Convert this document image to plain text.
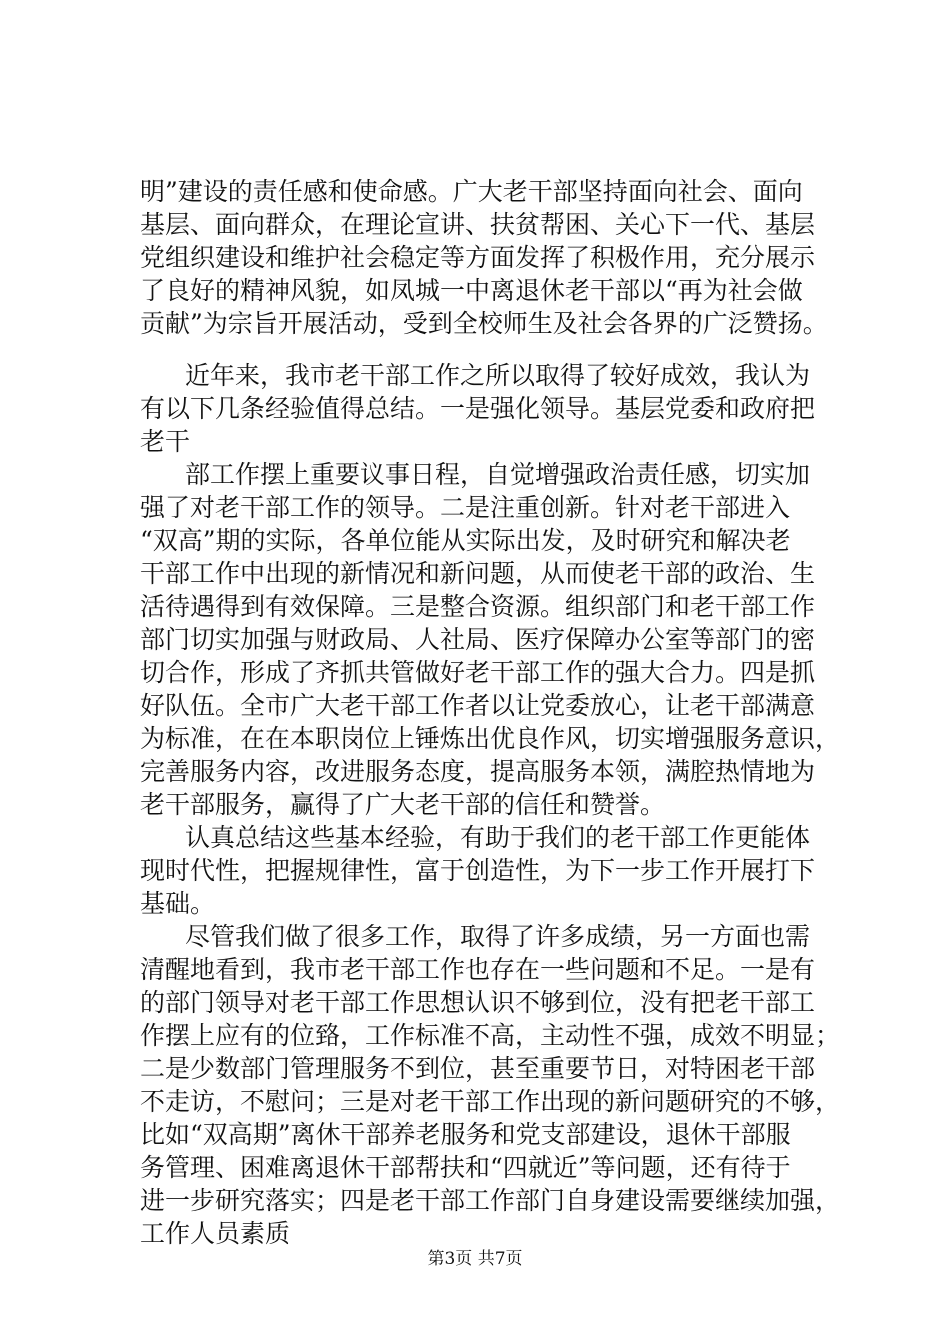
明”建设的责任感和使命感。广大老干部坚持面向社会、面向
基层、面向群众，在理论宣讲、扶贫帮困、关心下一代、基层
党组织建设和维护社会稳定等方面发挥了积极作用，充分展示
了良好的精神风貌，如凤城一中离退休老干部以“再为社会做
贡献”为宗旨开展活动，受到全校师生及社会各界的广泛赞扬。
近年来，我市老干部工作之所以取得了较好成效，我认为
有以下几条经验值得总结。一是强化领导。基层党委和政府把
老干
部工作摆上重要议事日程，自觉增强政治责任感，切实加
强了对老干部工作的领导。二是注重创新。针对老干部进入
“双高”期的实际，各单位能从实际出发，及时研究和解决老
干部工作中出现的新情况和新问题，从而使老干部的政治、生
活待遇得到有效保障。三是整合资源。组织部门和老干部工作
部门切实加强与财政局、人社局、医疗保障办公室等部门的密
切合作，形成了齐抓共管做好老干部工作的强大合力。四是抓
好队伍。全市广大老干部工作者以让党委放心，让老干部满意
为标准，在在本职岗位上锤炼出优良作风，切实增强服务意识，
完善服务内容，改进服务态度，提高服务本领，满腔热情地为
老干部服务，赢得了广大老干部的信任和赞誉。
认真总结这些基本经验，有助于我们的老干部工作更能体
现时代性，把握规律性，富于创造性，为下一步工作开展打下
基础。
尽管我们做了很多工作，取得了许多成绩，另一方面也需
清醒地看到，我市老干部工作也存在一些问题和不足。一是有
的部门领导对老干部工作思想认识不够到位，没有把老干部工
作摆上应有的位臵，工作标准不高，主动性不强，成效不明显；
二是少数部门管理服务不到位，甚至重要节日，对特困老干部
不走访，不慰问；三是对老干部工作出现的新问题研究的不够，
比如“双高期”离休干部养老服务和党支部建设，退休干部服
务管理、困难离退休干部帮扶和“四就近”等问题，还有待于
进一步研究落实；四是老干部工作部门自身建设需要继续加强，
工作人员素质
第3页 共7页
